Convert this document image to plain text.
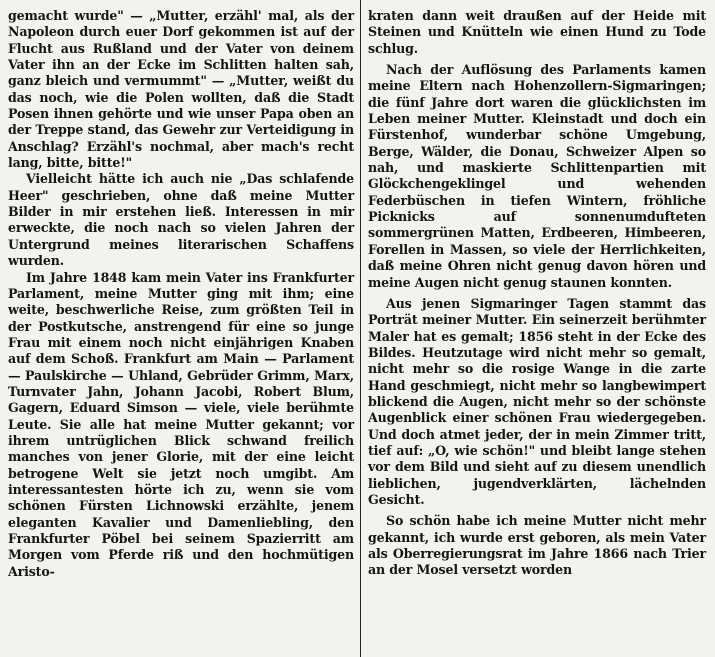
gemacht wurde" — „Mutter, erzähl' mal, als der Napoleon durch euer Dorf gekommen ist auf der Flucht aus Rußland und der Vater von deinem Vater ihn an der Ecke im Schlitten halten sah, ganz bleich und vermummt" — „Mutter, weißt du das noch, wie die Polen wollten, daß die Stadt Posen ihnen gehörte und wie unser Papa oben an der Treppe stand, das Gewehr zur Verteidigung in Anschlag? Erzähl's nochmal, aber mach's recht lang, bitte, bitte!"

Vielleicht hätte ich auch nie „Das schlafende Heer" geschrieben, ohne daß meine Mutter Bilder in mir erstehen ließ. Interessen in mir erweckte, die noch nach so vielen Jahren der Untergrund meines literarischen Schaffens wurden.

Im Jahre 1848 kam mein Vater ins Frankfurter Parlament, meine Mutter ging mit ihm; eine weite, beschwerliche Reise, zum größten Teil in der Postkutsche, anstrengend für eine so junge Frau mit einem noch nicht einjährigen Knaben auf dem Schoß. Frankfurt am Main — Parlament — Paulskirche — Uhland, Gebrüder Grimm, Marx, Turnvater Jahn, Johann Jacobi, Robert Blum, Gagern, Eduard Simson — viele, viele berühmte Leute. Sie alle hat meine Mutter gekannt; vor ihrem untrüglichen Blick schwand freilich manches von jener Glorie, mit der eine leicht betrogene Welt sie jetzt noch umgibt. Am interessantesten hörte ich zu, wenn sie vom schönen Fürsten Lichnowski erzählte, jenem eleganten Kavalier und Damenliebling, den Frankfurter Pöbel bei seinem Spazierritt am Morgen vom Pferde riß und den hochmütigen Aristo-

kraten dann weit draußen auf der Heide mit Steinen und Knütteln wie einen Hund zu Tode schlug.

Nach der Auflösung des Parlaments kamen meine Eltern nach Hohenzollern-Sigmaringen; die fünf Jahre dort waren die glücklichsten im Leben meiner Mutter. Kleinstadt und doch ein Fürstenhof, wunderbar schöne Umgebung, Berge, Wälder, die Donau, Schweizer Alpen so nah, und maskierte Schlittenpartien mit Glöckchengeklingel und wehenden Federbüschen in tiefen Wintern, fröhliche Picknicks auf sonnenumdufteten sommergrünen Matten, Erdbeeren, Himbeeren, Forellen in Massen, so viele der Herrlichkeiten, daß meine Ohren nicht genug davon hören und meine Augen nicht genug staunen konnten.

Aus jenen Sigmaringer Tagen stammt das Porträt meiner Mutter. Ein seinerzeit berühmter Maler hat es gemalt; 1856 steht in der Ecke des Bildes. Heutzutage wird nicht mehr so gemalt, nicht mehr so die rosige Wange in die zarte Hand geschmiegt, nicht mehr so langbewimpert blickend die Augen, nicht mehr so der schönste Augenblick einer schönen Frau wiedergegeben. Und doch atmet jeder, der in mein Zimmer tritt, tief auf: „O, wie schön!" und bleibt lange stehen vor dem Bild und sieht auf zu diesem unendlich lieblichen, jugendverklärten, lächelnden Gesicht.

So schön habe ich meine Mutter nicht mehr gekannt, ich wurde erst geboren, als mein Vater als Oberregierungsrat im Jahre 1866 nach Trier an der Mosel versetzt worden
